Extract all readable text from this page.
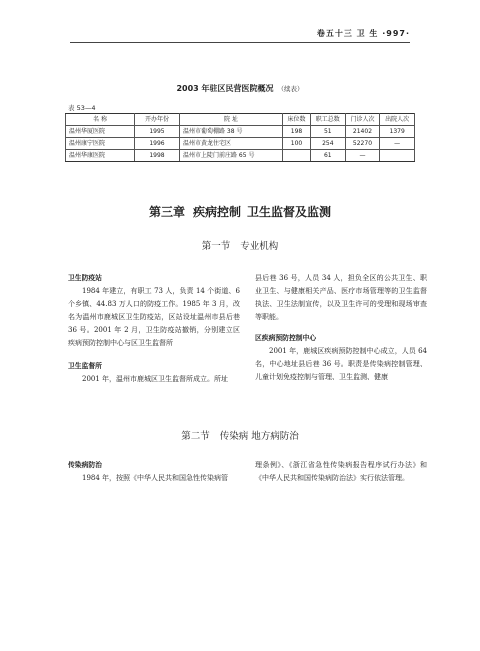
卷五十三 卫 生 ·997·
2003 年驻区民营医院概况 （续表）
表 53—4
名 称	开办年份	院 址	床位数	职工总数	门诊人次	出院人次
温州华厦医院	1995	温州市葡萄棚路 38 号	198	51	21402	1379
温州康宁医院	1996	温州市黄龙住宅区	100	254	52270	—
温州华康医院	1998	温州市上陡门前庄路 65 号		61	—	
第三章 疾病控制 卫生监督及监测
第一节 专业机构
卫生防疫站

1984 年建立，有职工 73 人，负责 14 个街道、6 个乡镇、44.83 万人口的防疫工作。1985 年 3 月，改名为温州市鹿城区卫生防疫站，区站设址温州市县后巷 36 号。2001 年 2 月，卫生防疫站撤销，分别建立区疾病预防控制中心与区卫生监督所

卫生监督所

2001 年，温州市鹿城区卫生监督所成立。所址

县后巷 36 号，人员 34 人，担负全区的公共卫生、职业卫生、与健康相关产品、医疗市场管理等的卫生监督执法、卫生法制宣传，以及卫生许可的受理和现场审查等职能。

区疾病预防控制中心

2001 年，鹿城区疾病预防控制中心成立，人员 64 名，中心地址县后巷 36 号。职责是传染病控制管理、儿童计划免疫控制与管理、卫生监测、健康

第二节 传染病 地方病防治
传染病防治

1984 年，按照《中华人民共和国急性传染病管

理条例》、《浙江省急性传染病报告程序试行办法》和《中华人民共和国传染病防治法》实行依法管理。
